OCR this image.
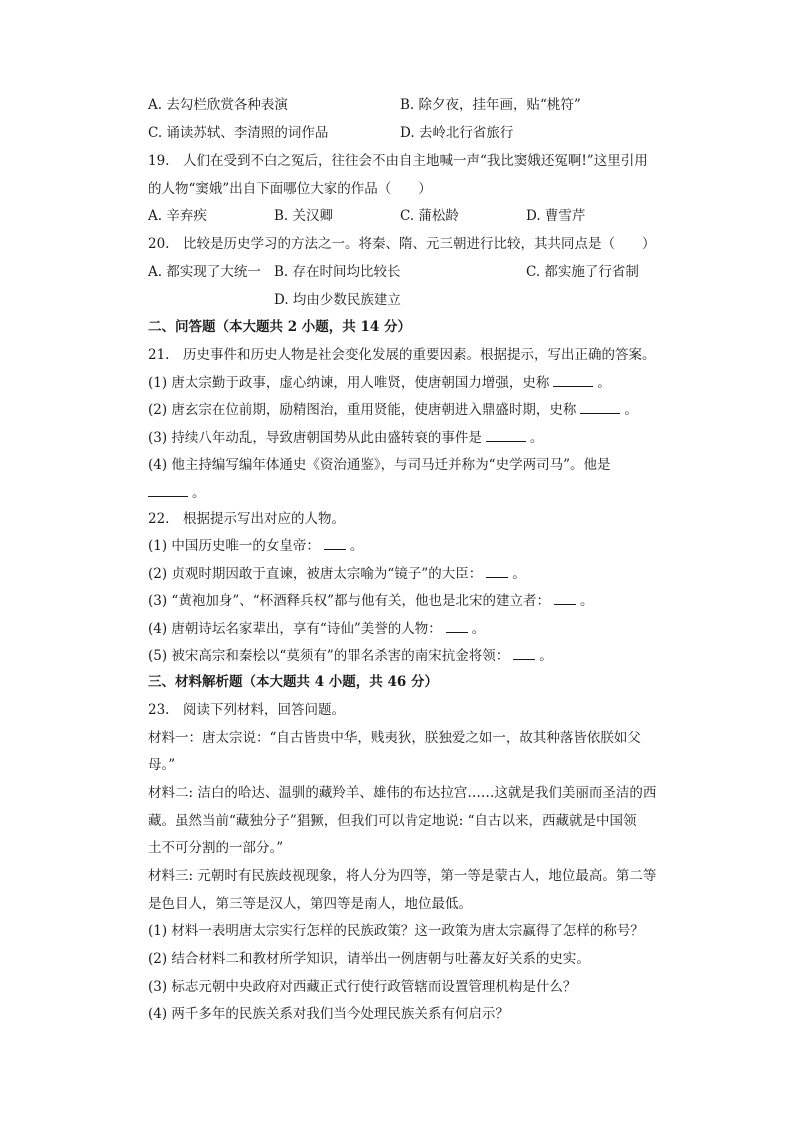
A. 去勾栏欣赏各种表演	B. 除夕夜，挂年画，贴“桃符”
C. 诵读苏轼、李清照的词作品	D. 去岭北行省旅行
19.　人们在受到不白之冤后，往往会不由自主地喊一声“我比窦娥还冤啊!”这里引用
的人物“窦娥”出自下面哪位大家的作品（　　）
A. 辛弃疾	B. 关汉卿	C. 蒲松龄	D. 曹雪芹
20.　比较是历史学习的方法之一。将秦、隋、元三朝进行比较，其共同点是（　　）
A. 都实现了大统一 B. 存在时间均比较长	C. 都实施了行省制
D. 均由少数民族建立
二、问答题（本大题共 2 小题，共 14 分）
21.　历史事件和历史人物是社会变化发展的重要因素。根据提示，写出正确的答案。
(1) 唐太宗勤于政事，虚心纳谏，用人唯贤，使唐朝国力增强，史称	。
(2) 唐玄宗在位前期，励精图治，重用贤能，使唐朝进入鼎盛时期，史称	。
(3) 持续八年动乱，导致唐朝国势从此由盛转衰的事件是	。
(4) 他主持编写编年体通史《资治通鉴》，与司马迁并称为“史学两司马”。他是
。
22.　根据提示写出对应的人物。
(1) 中国历史唯一的女皇帝： 。
(2) 贞观时期因敢于直谏，被唐太宗喻为“镜子”的大臣： 。
(3) “黄袍加身”、“杯酒释兵权”都与他有关，他也是北宋的建立者： 。
(4) 唐朝诗坛名家辈出，享有“诗仙”美誉的人物： 。
(5) 被宋高宗和秦桧以“莫须有”的罪名杀害的南宋抗金将领： 。
三、材料解析题（本大题共 4 小题，共 46 分）
23.　阅读下列材料，回答问题。
材料一：唐太宗说：“自古皆贵中华，贱夷狄，朕独爱之如一，故其种落皆依朕如父
母。”
材料二: 洁白的哈达、温驯的藏羚羊、雄伟的布达拉宫……这就是我们美丽而圣洁的西
藏。虽然当前“藏独分子”猖獗，但我们可以肯定地说: “自古以来，西藏就是中国领
土不可分割的一部分。”
材料三: 元朝时有民族歧视现象，将人分为四等，第一等是蒙古人，地位最高。第二等
是色目人，第三等是汉人，第四等是南人，地位最低。
(1) 材料一表明唐太宗实行怎样的民族政策？这一政策为唐太宗赢得了怎样的称号？
(2) 结合材料二和教材所学知识，请举出一例唐朝与吐蕃友好关系的史实。
(3) 标志元朝中央政府对西藏正式行使行政管辖而设置管理机构是什么？
(4) 两千多年的民族关系对我们当今处理民族关系有何启示？
